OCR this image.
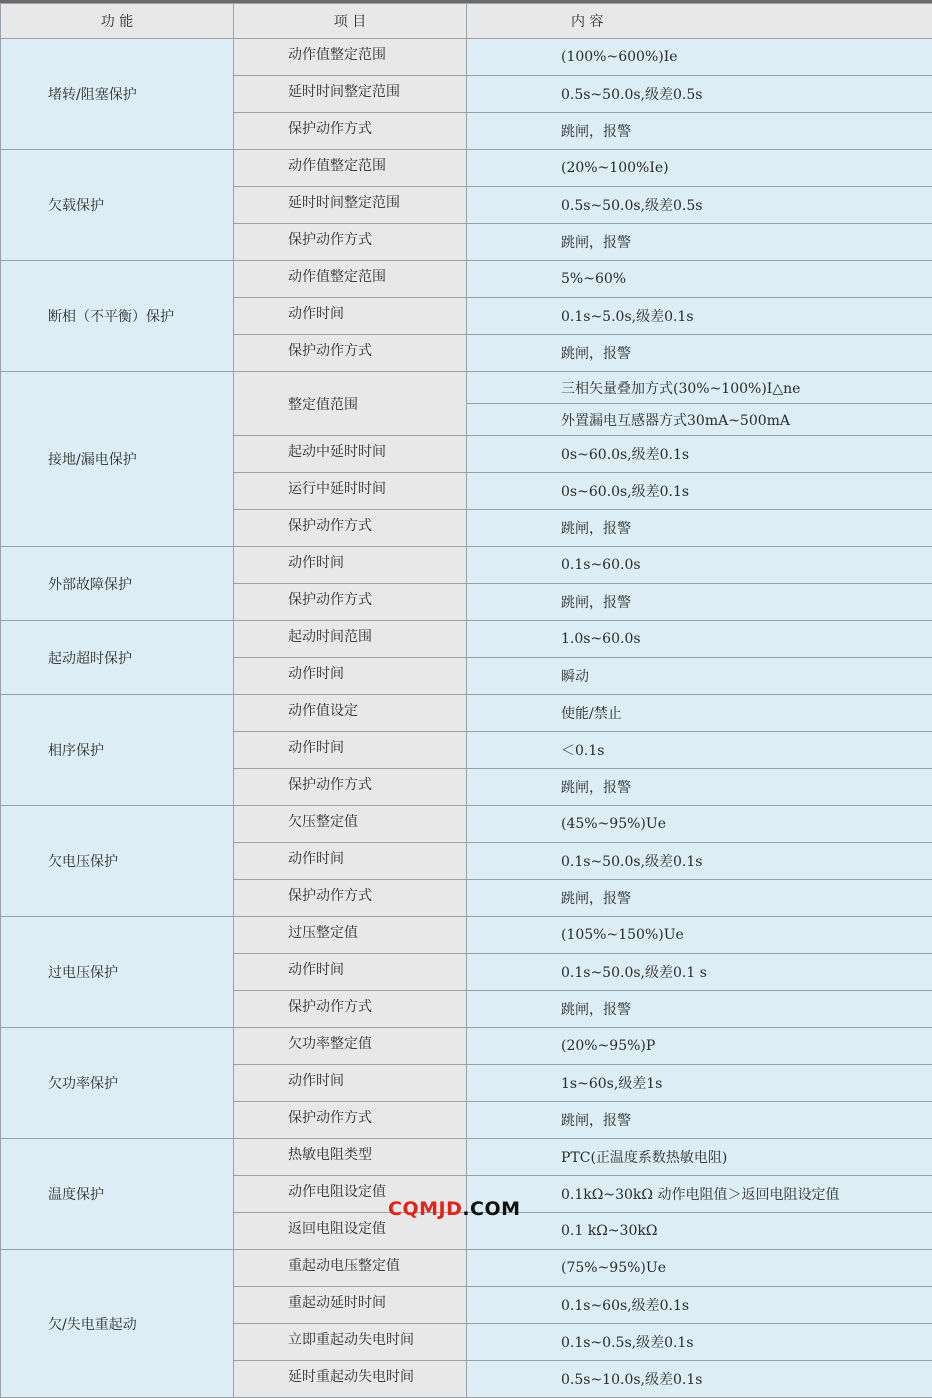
功 能	项 目	内 容
堵转/阻塞保护	动作值整定范围	(100%~600%)Ie
	延时时间整定范围	0.5s~50.0s,级差0.5s
	保护动作方式	跳闸，报警
欠载保护	动作值整定范围	(20%~100%Ie)
	延时时间整定范围	0.5s~50.0s,级差0.5s
	保护动作方式	跳闸，报警
断相（不平衡）保护	动作值整定范围	5%~60%
	动作时间	0.1s~5.0s,级差0.1s
	保护动作方式	跳闸，报警
接地/漏电保护	整定值范围	三相矢量叠加方式(30%~100%)I△ne
		外置漏电互感器方式30mA~500mA
	起动中延时时间	0s~60.0s,级差0.1s
	运行中延时时间	0s~60.0s,级差0.1s
	保护动作方式	跳闸，报警
外部故障保护	动作时间	0.1s~60.0s
	保护动作方式	跳闸，报警
起动超时保护	起动时间范围	1.0s~60.0s
	动作时间	瞬动
相序保护	动作值设定	使能/禁止
	动作时间	＜0.1s
	保护动作方式	跳闸，报警
欠电压保护	欠压整定值	(45%~95%)Ue
	动作时间	0.1s~50.0s,级差0.1s
	保护动作方式	跳闸，报警
过电压保护	过压整定值	(105%~150%)Ue
	动作时间	0.1s~50.0s,级差0.1 s
	保护动作方式	跳闸，报警
欠功率保护	欠功率整定值	(20%~95%)P
	动作时间	1s~60s,级差1s
	保护动作方式	跳闸，报警
温度保护	热敏电阻类型	PTC(正温度系数热敏电阻)
	动作电阻设定值	0.1kΩ~30kΩ 动作电阻值＞返回电阻设定值
	返回电阻设定值	0.1 kΩ~30kΩ
欠/失电重起动	重起动电压整定值	(75%~95%)Ue
	重起动延时时间	0.1s~60s,级差0.1s
	立即重起动失电时间	0.1s~0.5s,级差0.1s
	延时重起动失电时间	0.5s~10.0s,级差0.1s
CQMJD.COM
